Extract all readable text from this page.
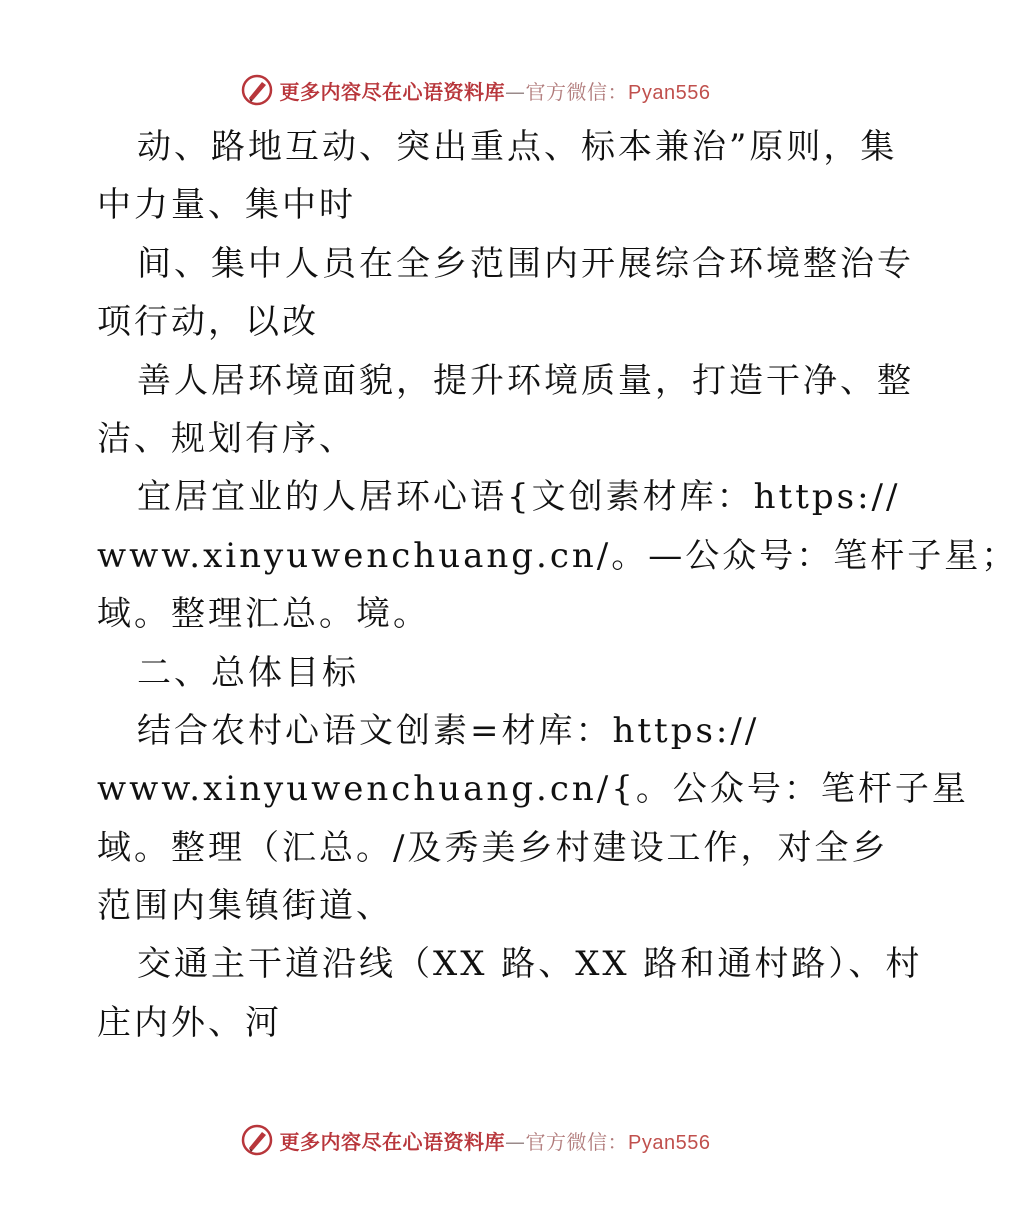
更多内容尽在心语资料库—官方微信：Pyan556
动、路地互动、突出重点、标本兼治”原则，集
中力量、集中时
间、集中人员在全乡范围内开展综合环境整治专
项行动，以改
善人居环境面貌，提升环境质量，打造干净、整
洁、规划有序、
宜居宜业的人居环心语{文创素材库：https://
www.xinyuwenchuang.cn/。—公众号：笔杆子星；
域。整理汇总。境。
二、总体目标
结合农村心语文创素=材库：https://
www.xinyuwenchuang.cn/{。公众号：笔杆子星
域。整理（汇总。/及秀美乡村建设工作，对全乡
范围内集镇街道、
交通主干道沿线（XX 路、XX 路和通村路）、村
庄内外、河
更多内容尽在心语资料库—官方微信：Pyan556
